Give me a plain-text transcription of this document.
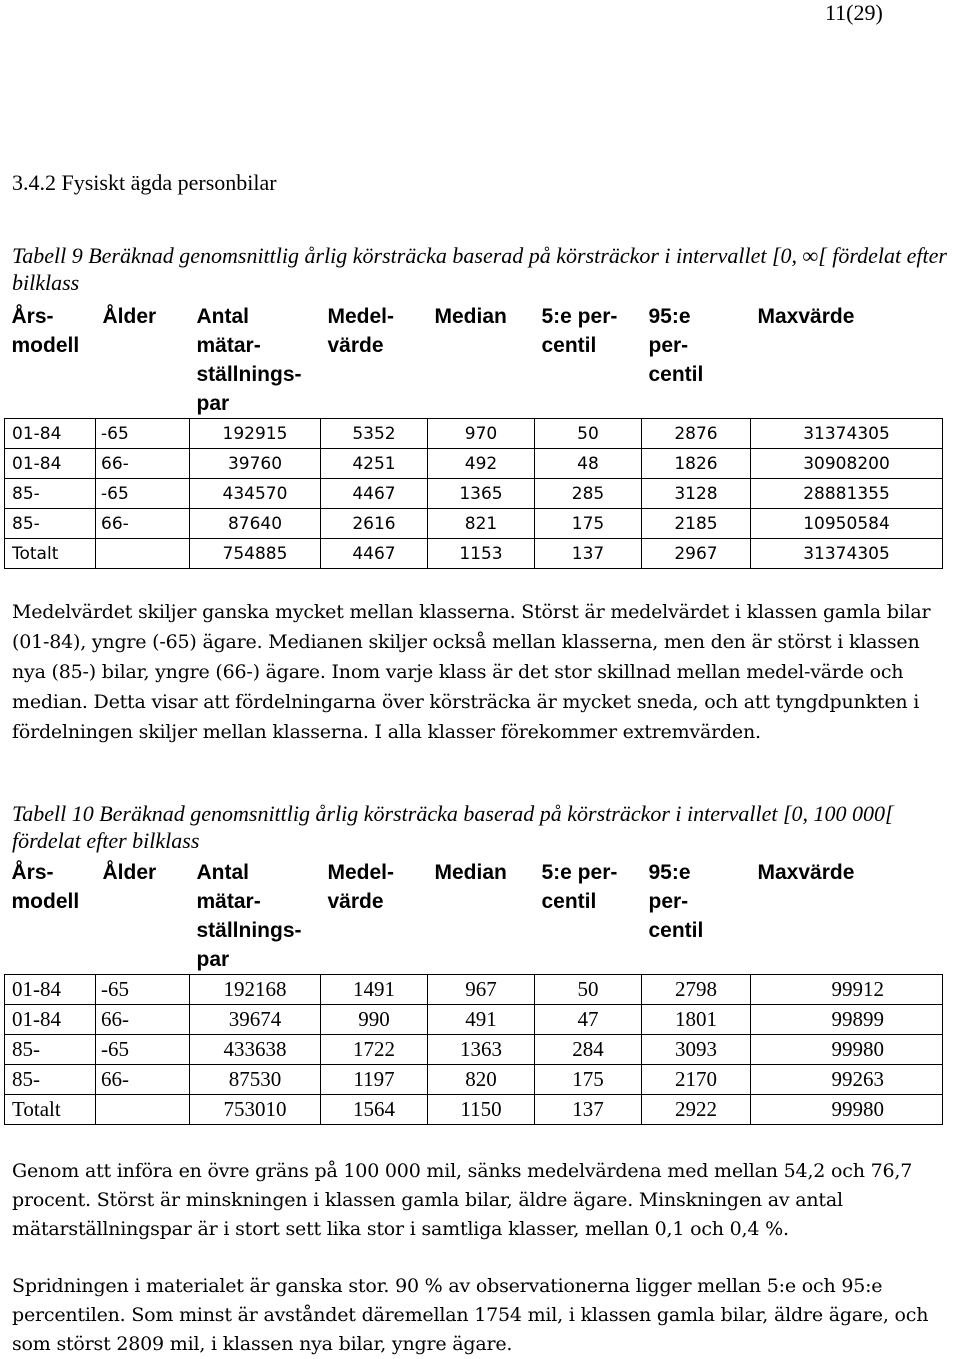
11(29)
3.4.2 Fysiskt ägda personbilar
Tabell 9 Beräknad genomsnittlig årlig körsträcka baserad på körsträckor i intervallet [0, ∞[ fördelat efter bilklass
Års-
modell	Ålder	Antal
mätar-
ställnings-
par	Medel-
värde	Median	5:e per-
centil	95:e
per-
centil	Maxvärde
01-84	-65	192915	5352	970	50	2876	31374305
01-84	66-	39760	4251	492	48	1826	30908200
85-	-65	434570	4467	1365	285	3128	28881355
85-	66-	87640	2616	821	175	2185	10950584
Totalt		754885	4467	1153	137	2967	31374305
Medelvärdet skiljer ganska mycket mellan klasserna. Störst är medelvärdet i klassen gamla bilar (01-84), yngre (-65) ägare. Medianen skiljer också mellan klasserna, men den är störst i klassen nya (85-) bilar, yngre (66-) ägare. Inom varje klass är det stor skillnad mellan medel-värde och median. Detta visar att fördelningarna över körsträcka är mycket sneda, och att tyngdpunkten i fördelningen skiljer mellan klasserna. I alla klasser förekommer extremvärden.
Tabell 10 Beräknad genomsnittlig årlig körsträcka baserad på körsträckor i intervallet [0, 100 000[ fördelat efter bilklass
Års-
modell	Ålder	Antal
mätar-
ställnings-
par	Medel-
värde	Median	5:e per-
centil	95:e
per-
centil	Maxvärde
01-84	-65	192168	1491	967	50	2798	99912
01-84	66-	39674	990	491	47	1801	99899
85-	-65	433638	1722	1363	284	3093	99980
85-	66-	87530	1197	820	175	2170	99263
Totalt		753010	1564	1150	137	2922	99980
Genom att införa en övre gräns på 100 000 mil, sänks medelvärdena med mellan 54,2 och 76,7
procent. Störst är minskningen i klassen gamla bilar, äldre ägare. Minskningen av antal
mätarställningspar är i stort sett lika stor i samtliga klasser, mellan 0,1 och 0,4 %.
Spridningen i materialet är ganska stor. 90 % av observationerna ligger mellan 5:e och 95:e percentilen. Som minst är avståndet däremellan 1754 mil, i klassen gamla bilar, äldre ägare, och som störst 2809 mil, i klassen nya bilar, yngre ägare.
